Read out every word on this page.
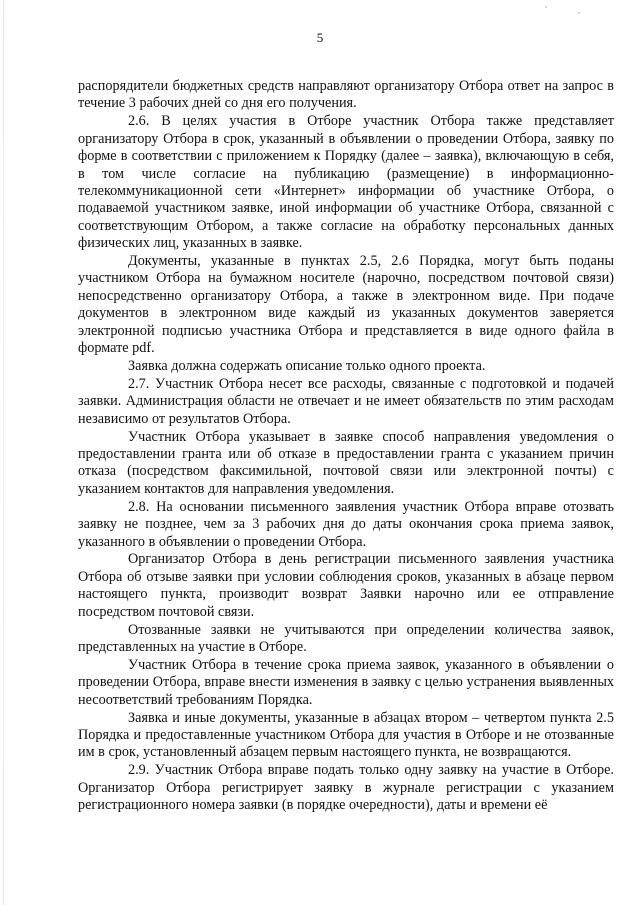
5

распорядители бюджетных средств направляют организатору Отбора ответ на запрос в течение 3 рабочих дней со дня его получения.

2.6. В целях участия в Отборе участник Отбора также представляет организатору Отбора в срок, указанный в объявлении о проведении Отбора, заявку по форме в соответствии с приложением к Порядку (далее – заявка), включающую в себя, в том числе согласие на публикацию (размещение) в информационно-телекоммуникационной сети «Интернет» информации об участнике Отбора, о подаваемой участником заявке, иной информации об участнике Отбора, связанной с соответствующим Отбором, а также согласие на обработку персональных данных физических лиц, указанных в заявке.

Документы, указанные в пунктах 2.5, 2.6 Порядка, могут быть поданы участником Отбора на бумажном носителе (нарочно, посредством почтовой связи) непосредственно организатору Отбора, а также в электронном виде. При подаче документов в электронном виде каждый из указанных документов заверяется электронной подписью участника Отбора и представляется в виде одного файла в формате pdf.

Заявка должна содержать описание только одного проекта.

2.7. Участник Отбора несет все расходы, связанные с подготовкой и подачей заявки. Администрация области не отвечает и не имеет обязательств по этим расходам независимо от результатов Отбора.

Участник Отбора указывает в заявке способ направления уведомления о предоставлении гранта или об отказе в предоставлении гранта с указанием причин отказа (посредством факсимильной, почтовой связи или электронной почты) с указанием контактов для направления уведомления.

2.8. На основании письменного заявления участник Отбора вправе отозвать заявку не позднее, чем за 3 рабочих дня до даты окончания срока приема заявок, указанного в объявлении о проведении Отбора.

Организатор Отбора в день регистрации письменного заявления участника Отбора об отзыве заявки при условии соблюдения сроков, указанных в абзаце первом настоящего пункта, производит возврат Заявки нарочно или ее отправление посредством почтовой связи.

Отозванные заявки не учитываются при определении количества заявок, представленных на участие в Отборе.

Участник Отбора в течение срока приема заявок, указанного в объявлении о проведении Отбора, вправе внести изменения в заявку с целью устранения выявленных несоответствий требованиям Порядка.

Заявка и иные документы, указанные в абзацах втором – четвертом пункта 2.5 Порядка и предоставленные участником Отбора для участия в Отборе и не отозванные им в срок, установленный абзацем первым настоящего пункта, не возвращаются.

2.9. Участник Отбора вправе подать только одну заявку на участие в Отборе. Организатор Отбора регистрирует заявку в журнале регистрации с указанием регистрационного номера заявки (в порядке очередности), даты и времени её
